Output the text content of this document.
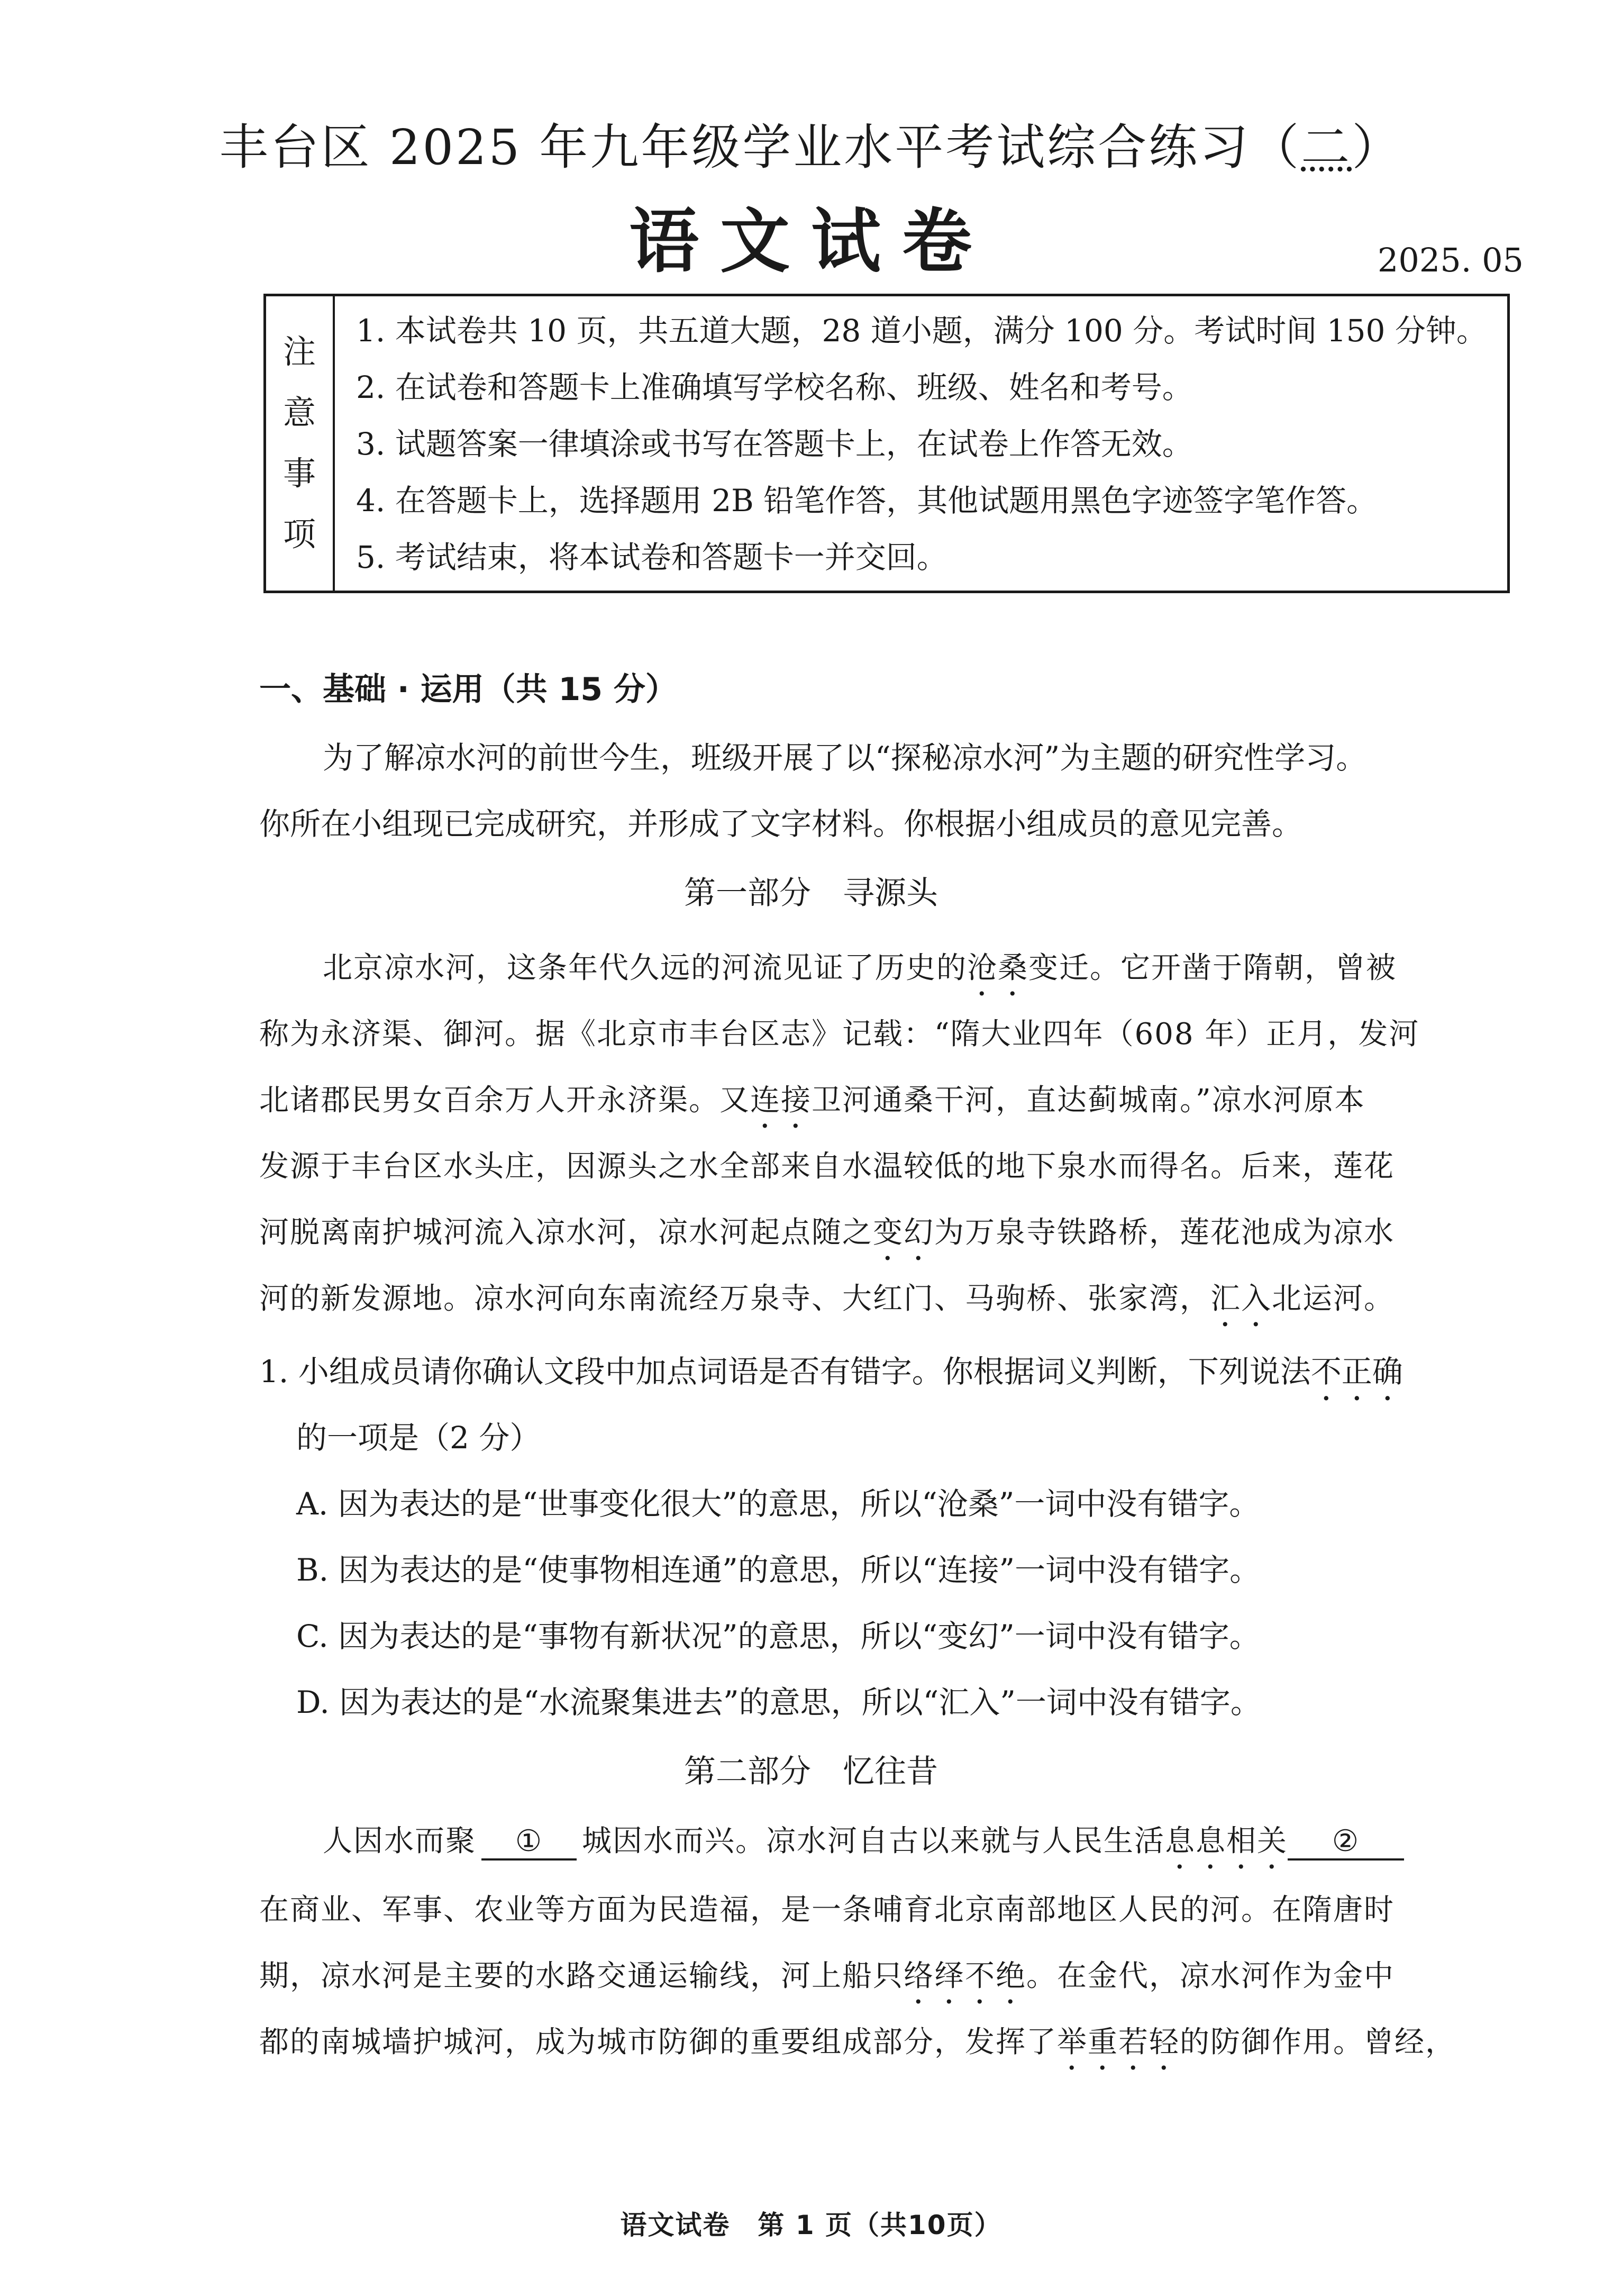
丰台区 2025 年九年级学业水平考试综合练习（二）
语文试卷	2025. 05
注
意
事
项
1. 本试卷共 10 页，共五道大题，28 道小题，满分 100 分。考试时间 150 分钟。
2. 在试卷和答题卡上准确填写学校名称、班级、姓名和考号。
3. 试题答案一律填涂或书写在答题卡上，在试卷上作答无效。
4. 在答题卡上，选择题用 2B 铅笔作答，其他试题用黑色字迹签字笔作答。
5. 考试结束，将本试卷和答题卡一并交回。
一、基础 · 运用（共 15 分）
为了解凉水河的前世今生，班级开展了以“探秘凉水河”为主题的研究性学习。
你所在小组现已完成研究，并形成了文字材料。你根据小组成员的意见完善。
第一部分 寻源头
北京凉水河，这条年代久远的河流见证了历史的沧桑变迁。它开凿于隋朝，曾被
称为永济渠、御河。据《北京市丰台区志》记载：“隋大业四年（608 年）正月，发河
北诸郡民男女百余万人开永济渠。又连接卫河通桑干河，直达蓟城南。”凉水河原本
发源于丰台区水头庄，因源头之水全部来自水温较低的地下泉水而得名。后来，莲花
河脱离南护城河流入凉水河，凉水河起点随之变幻为万泉寺铁路桥，莲花池成为凉水
河的新发源地。凉水河向东南流经万泉寺、大红门、马驹桥、张家湾，汇入北运河。
1. 小组成员请你确认文段中加点词语是否有错字。你根据词义判断，下列说法不正确
的一项是（2 分）
A. 因为表达的是“世事变化很大”的意思，所以“沧桑”一词中没有错字。
B. 因为表达的是“使事物相连通”的意思，所以“连接”一词中没有错字。
C. 因为表达的是“事物有新状况”的意思，所以“变幻”一词中没有错字。
D. 因为表达的是“水流聚集进去”的意思，所以“汇入”一词中没有错字。
第二部分 忆往昔
人因水而聚 ① 城因水而兴。凉水河自古以来就与人民生活息息相关 ②
在商业、军事、农业等方面为民造福，是一条哺育北京南部地区人民的河。在隋唐时
期，凉水河是主要的水路交通运输线，河上船只络绎不绝。在金代，凉水河作为金中
都的南城墙护城河，成为城市防御的重要组成部分，发挥了举重若轻的防御作用。曾经，
语文试卷　第 1 页（共10页）
